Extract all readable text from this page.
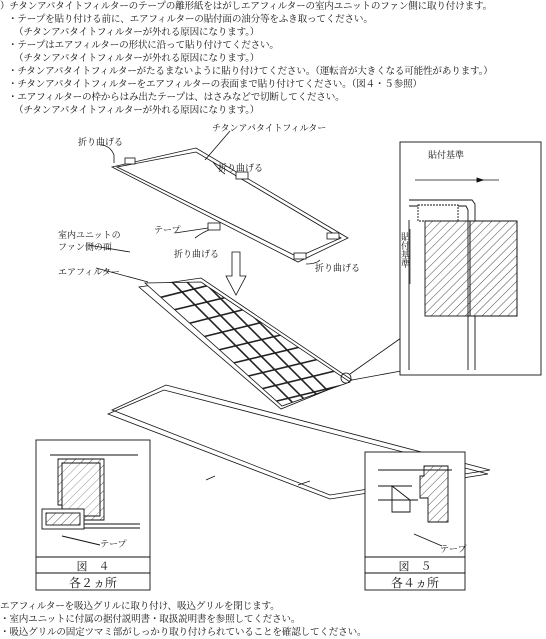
）チタンアパタイトフィルターのテープの離形紙をはがしエアフィルターの室内ユニットのファン側に取り付けます。
・テープを貼り付ける前に、エアフィルターの貼付面の油分等をふき取ってください。
（チタンアパタイトフィルターが外れる原因になります。）
・テープはエアフィルターの形状に沿って貼り付けてください。
（チタンアパタイトフィルターが外れる原因になります。）
・チタンアパタイトフィルターがたるまないように貼り付けてください。（運転音が大きくなる可能性があります。）
・チタンアパタイトフィルターをエアフィルターの表面まで貼り付けてください。（図４・５参照）
・エアフィルターの枠からはみ出たテープは、はさみなどで切断してください。
（チタンアパタイトフィルターが外れる原因になります。）
チタンアパタイトフィルター
折り曲げる
折り曲げる
テープ
折り曲げる
折り曲げる
室内ユニットの
ファン側の面
エアフィルター
貼付基準
貼付基準
テープ
図　４
各２ヵ所
テープ
図　５
各４ヵ所
エアフィルターを吸込グリルに取り付け、吸込グリルを閉じます。
・室内ユニットに付属の据付説明書・取扱説明書を参照してください。
・吸込グリルの固定ツマミ部がしっかり取り付けられていることを確認してください。
